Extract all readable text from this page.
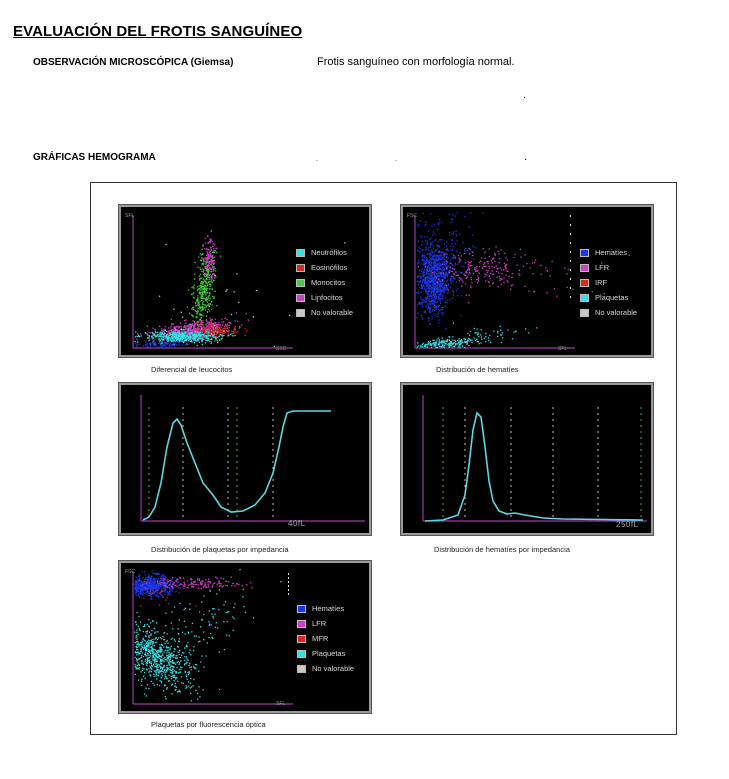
EVALUACIÓN DEL FROTIS SANGUÍNEO
OBSERVACIÓN MICROSCÓPICA (Giemsa)	Frotis sanguíneo con morfología normal.
.
GRÁFICAS HEMOGRAMA	.	.	.
SFL
SSC
Neutrófilos
Eosinófilos
Monocitos
Linfocitos
No valorable
Diferencial de leucocitos
FSC
SFL
Hematíes
LFR
IRF
Plaquetas
No valorable
Distribución de hematíes
40fL
Distribución de plaquetas por impedancia
250fL
Distribución de hematíes por impedancia
FSC
SFL
Hematíes
LFR
MFR
Plaquetas
No valorable
Plaquetas por fluorescencia óptica
